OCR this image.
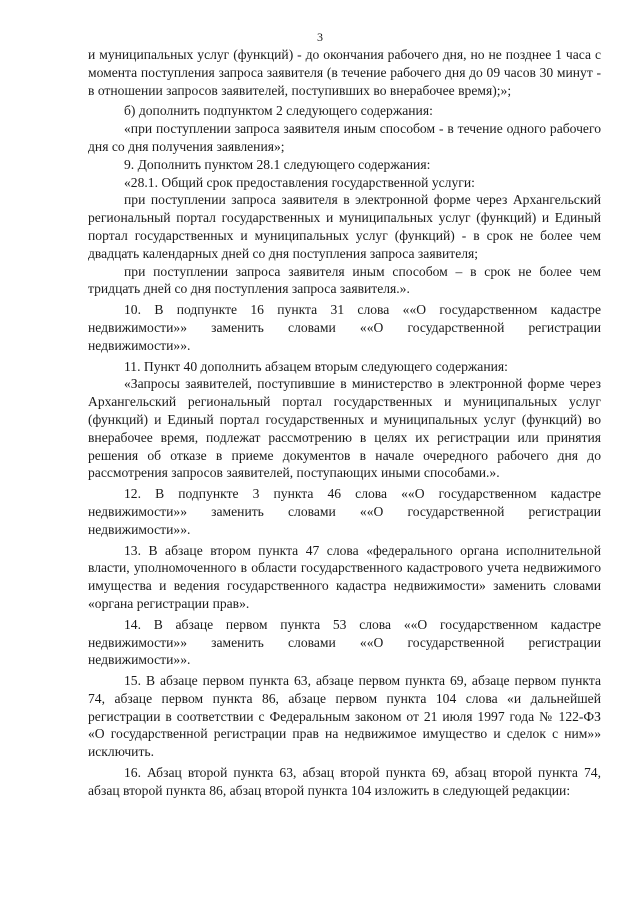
3

и муниципальных услуг (функций) - до окончания рабочего дня, но не позднее 1 часа с момента поступления запроса заявителя (в течение рабочего дня до 09 часов 30 минут - в отношении запросов заявителей, поступивших во внерабочее время);»;

б) дополнить подпунктом 2 следующего содержания:

«при поступлении запроса заявителя иным способом - в течение одного рабочего дня со дня получения заявления»;

9. Дополнить пунктом 28.1 следующего содержания:

«28.1. Общий срок предоставления государственной услуги:

при поступлении запроса заявителя в электронной форме через Архангельский региональный портал государственных и муниципальных услуг (функций) и Единый портал государственных и муниципальных услуг (функций) - в срок не более чем двадцать календарных дней со дня поступления запроса заявителя;

при поступлении запроса заявителя иным способом – в срок не более чем тридцать дней со дня поступления запроса заявителя.».

10. В подпункте 16 пункта 31 слова ««О государственном кадастре недвижимости»» заменить словами ««О государственной регистрации недвижимости»».

11. Пункт 40 дополнить абзацем вторым следующего содержания:

«Запросы заявителей, поступившие в министерство в электронной форме через Архангельский региональный портал государственных и муниципальных услуг (функций) и Единый портал государственных и муниципальных услуг (функций) во внерабочее время, подлежат рассмотрению в целях их регистрации или принятия решения об отказе в приеме документов в начале очередного рабочего дня до рассмотрения запросов заявителей, поступающих иными способами.».

12. В подпункте 3 пункта 46 слова ««О государственном кадастре недвижимости»» заменить словами ««О государственной регистрации недвижимости»».

13. В абзаце втором пункта 47 слова «федерального органа исполнительной власти, уполномоченного в области государственного кадастрового учета недвижимого имущества и ведения государственного кадастра недвижимости» заменить словами «органа регистрации прав».

14. В абзаце первом пункта 53 слова ««О государственном кадастре недвижимости»» заменить словами ««О государственной регистрации недвижимости»».

15. В абзаце первом пункта 63, абзаце первом пункта 69, абзаце первом пункта 74, абзаце первом пункта 86, абзаце первом пункта 104 слова «и дальнейшей регистрации в соответствии с Федеральным законом от 21 июля 1997 года № 122-ФЗ «О государственной регистрации прав на недвижимое имущество и сделок с ним»» исключить.

16. Абзац второй пункта 63, абзац второй пункта 69, абзац второй пункта 74, абзац второй пункта 86, абзац второй пункта 104 изложить в следующей редакции:
